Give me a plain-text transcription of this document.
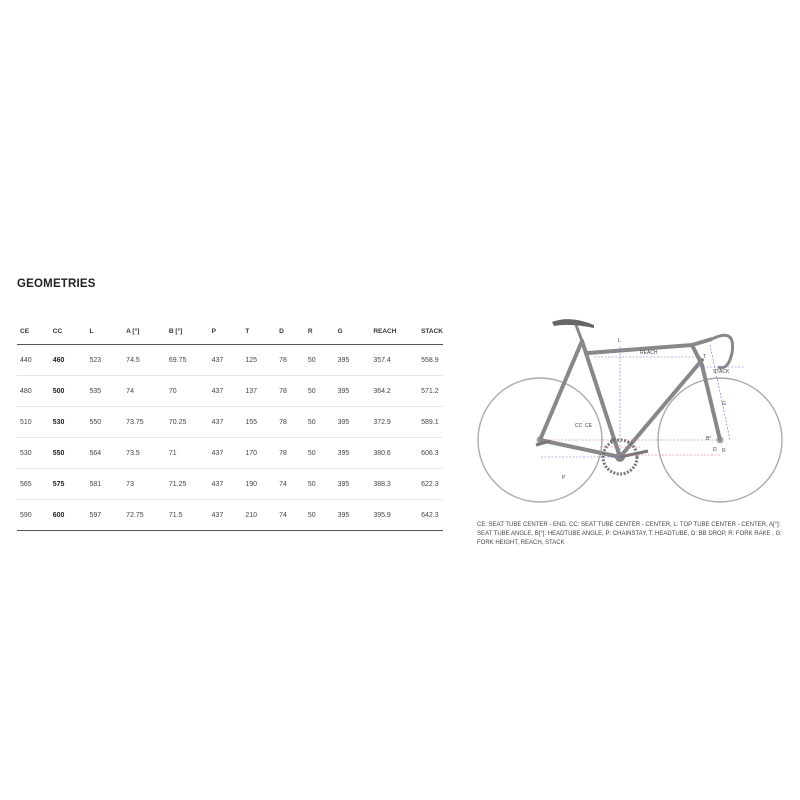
GEOMETRIES
CE	CC	L	A [°]	B [°]	P	T	D	R	G	REACH	STACK
440	460	523	74.5	69.75	437	125	78	50	395	357.4	558.9
480	500	535	74	70	437	137	78	50	395	364.2	571.2
510	530	550	73.75	70.25	437	155	78	50	395	372.9	589.1
530	550	564	73.5	71	437	170	78	50	395	380.6	606.3
565	575	581	73	71.25	437	190	74	50	395	388.3	622.3
590	600	597	72.75	71.5	437	210	74	50	395	395.9	642.3
L
REACH
STACK
CC CE
T
A°	B°
P
D
G
R
CE: SEAT TUBE CENTER - END, CC: SEAT TUBE CENTER - CENTER, L: TOP TUBE CENTER - CENTER, A[°]: SEAT TUBE ANGLE, B[°]: HEADTUBE ANGLE, P: CHAINSTAY, T: HEADTUBE, D: BB DROP, R: FORK RAKE , G: FORK HEIGHT, REACH, STACK
